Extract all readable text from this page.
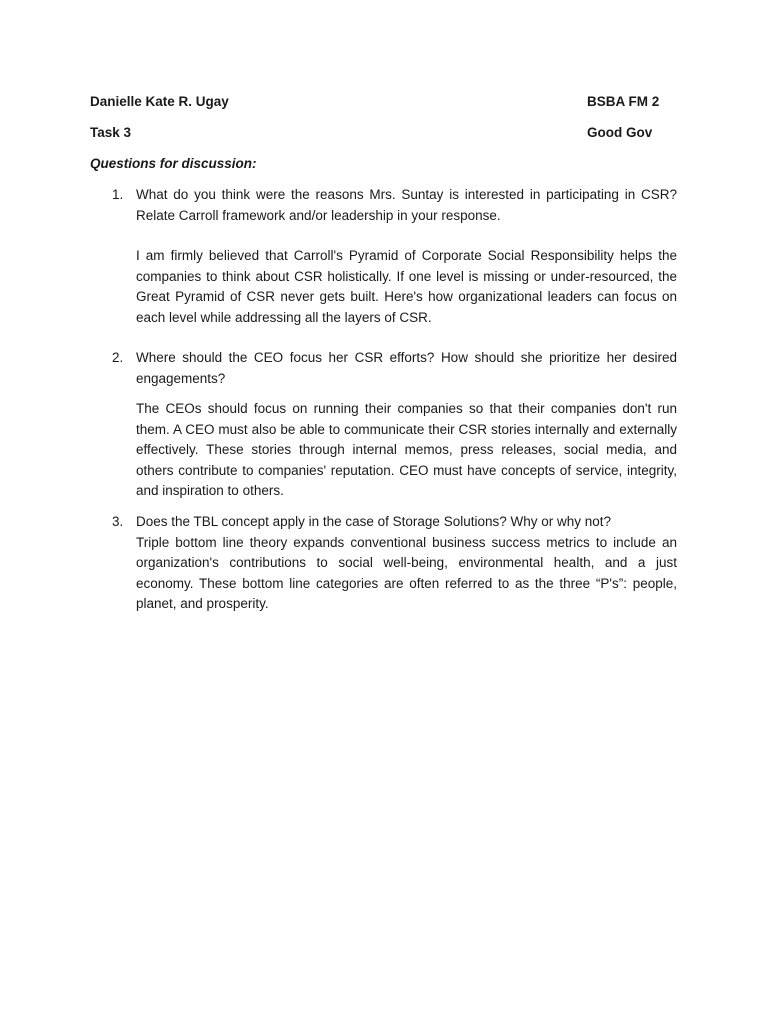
Danielle Kate R. Ugay	BSBA FM 2
Task 3	Good Gov
Questions for discussion:
1. What do you think were the reasons Mrs. Suntay is interested in participating in CSR? Relate Carroll framework and/or leadership in your response.

I am firmly believed that Carroll's Pyramid of Corporate Social Responsibility helps the companies to think about CSR holistically. If one level is missing or under-resourced, the Great Pyramid of CSR never gets built. Here's how organizational leaders can focus on each level while addressing all the layers of CSR.

2. Where should the CEO focus her CSR efforts? How should she prioritize her desired engagements?

The CEOs should focus on running their companies so that their companies don't run them. A CEO must also be able to communicate their CSR stories internally and externally effectively. These stories through internal memos, press releases, social media, and others contribute to companies' reputation. CEO must have concepts of service, integrity, and inspiration to others.

3. Does the TBL concept apply in the case of Storage Solutions? Why or why not?

Triple bottom line theory expands conventional business success metrics to include an organization's contributions to social well-being, environmental health, and a just economy. These bottom line categories are often referred to as the three “P's”: people, planet, and prosperity.
